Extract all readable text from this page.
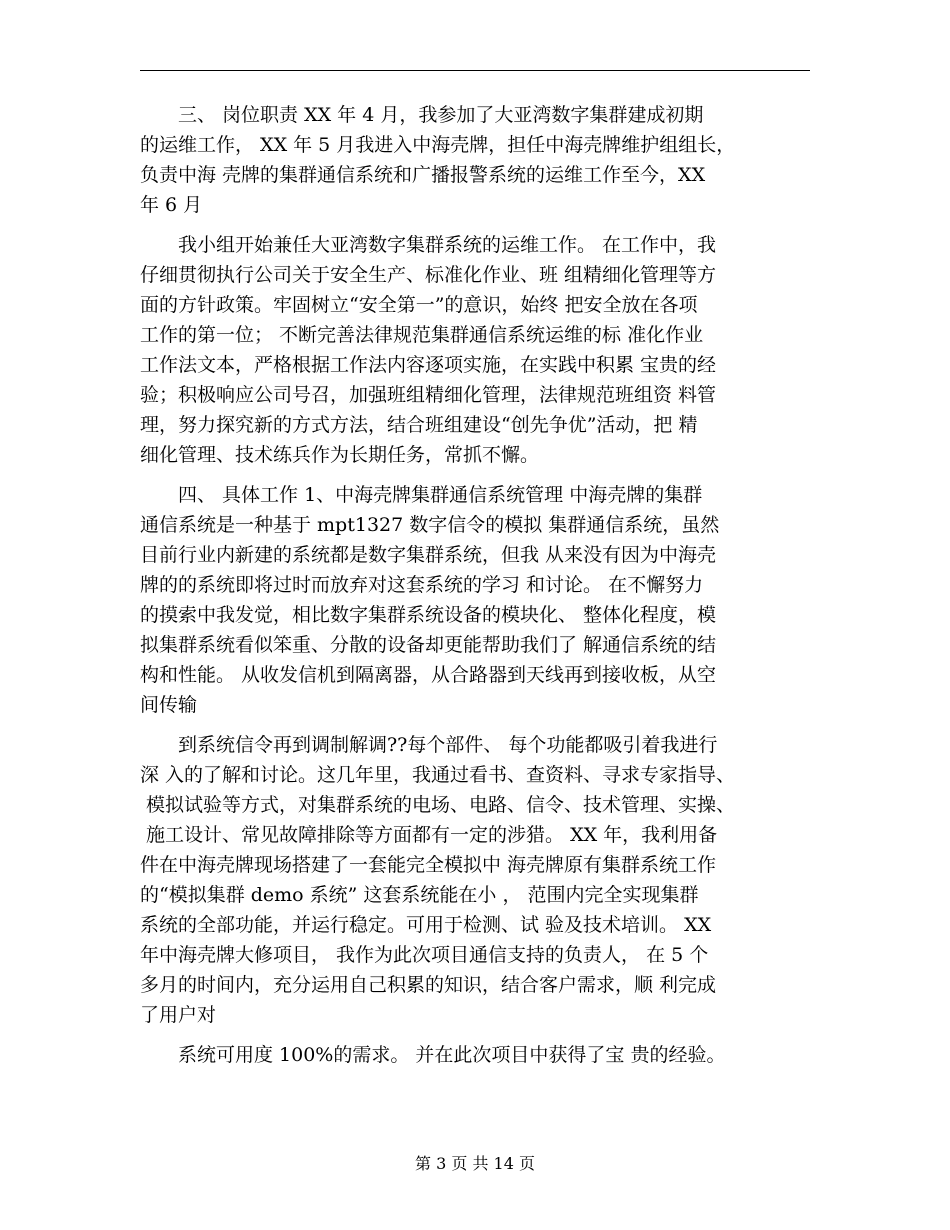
　　三、 岗位职责 XX 年 4 月，我参加了大亚湾数字集群建成初期
的运维工作， XX 年 5 月我进入中海壳牌，担任中海壳牌维护组组长，
负责中海 壳牌的集群通信系统和广播报警系统的运维工作至今，XX
年 6 月
　　我小组开始兼任大亚湾数字集群系统的运维工作。 在工作中，我
仔细贯彻执行公司关于安全生产、标准化作业、班 组精细化管理等方
面的方针政策。牢固树立“安全第一”的意识，始终 把安全放在各项
工作的第一位； 不断完善法律规范集群通信系统运维的标 准化作业
工作法文本，严格根据工作法内容逐项实施，在实践中积累 宝贵的经
验；积极响应公司号召，加强班组精细化管理，法律规范班组资 料管
理，努力探究新的方式方法，结合班组建设“创先争优”活动，把 精
细化管理、技术练兵作为长期任务，常抓不懈。
　　四、 具体工作 1、中海壳牌集群通信系统管理 中海壳牌的集群
通信系统是一种基于 mpt1327 数字信令的模拟 集群通信系统，虽然
目前行业内新建的系统都是数字集群系统，但我 从来没有因为中海壳
牌的的系统即将过时而放弃对这套系统的学习 和讨论。 在不懈努力
的摸索中我发觉，相比数字集群系统设备的模块化、 整体化程度，模
拟集群系统看似笨重、分散的设备却更能帮助我们了 解通信系统的结
构和性能。 从收发信机到隔离器，从合路器到天线再到接收板，从空
间传输
　　到系统信令再到调制解调??每个部件、 每个功能都吸引着我进行
深 入的了解和讨论。这几年里，我通过看书、查资料、寻求专家指导、
模拟试验等方式，对集群系统的电场、电路、信令、技术管理、实操、
施工设计、常见故障排除等方面都有一定的涉猎。 XX 年，我利用备
件在中海壳牌现场搭建了一套能完全模拟中 海壳牌原有集群系统工作
的“模拟集群 demo 系统” 这套系统能在小 ， 范围内完全实现集群
系统的全部功能，并运行稳定。可用于检测、试 验及技术培训。 XX
年中海壳牌大修项目， 我作为此次项目通信支持的负责人， 在 5 个
多月的时间内，充分运用自己积累的知识，结合客户需求，顺 利完成
了用户对
　　系统可用度 100%的需求。 并在此次项目中获得了宝 贵的经验。
第 3 页 共 14 页
